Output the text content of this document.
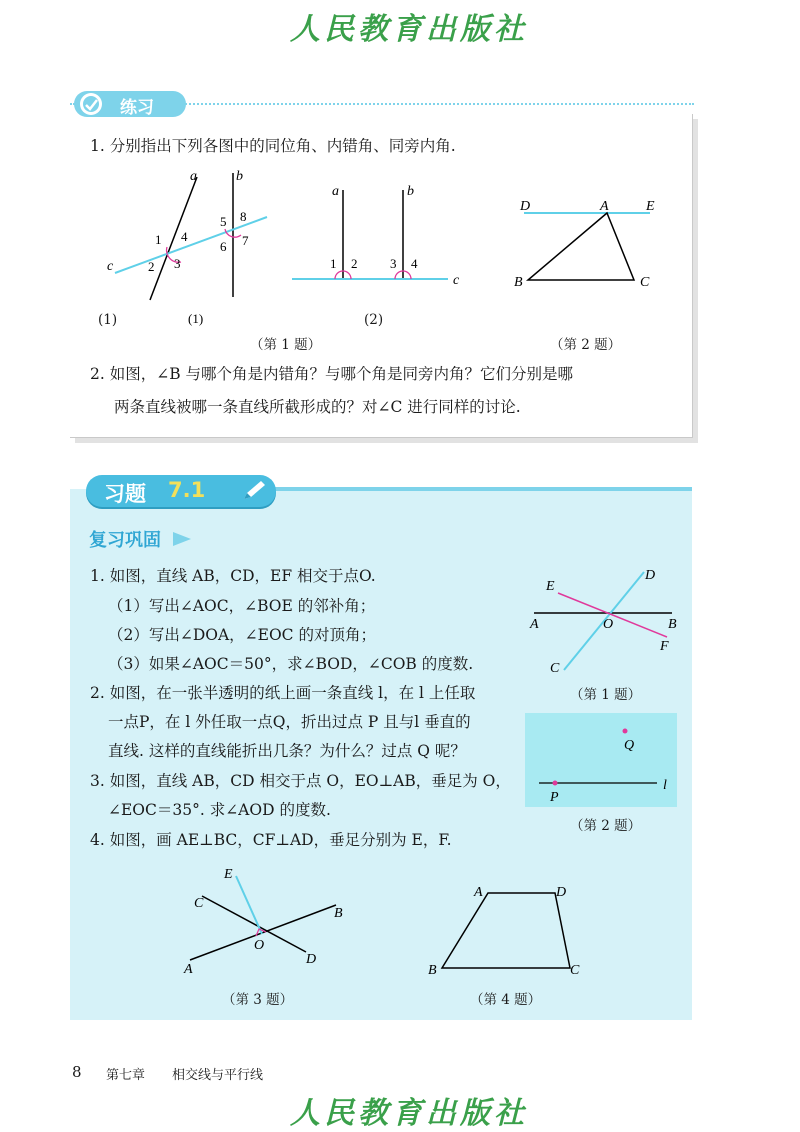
人民教育出版社
练习
1. 分别指出下列各图中的同位角、内错角、同旁内角.
a	b
c
1
2 3
4
5
6 7
8
(1)
(1)
a	b
c
1 2	3 4
(2)
（第 1 题）
D	A	E
B	C
（第 2 题）
2. 如图，∠B 与哪个角是内错角？与哪个角是同旁内角？它们分别是哪
两条直线被哪一条直线所截形成的？对∠C 进行同样的讨论.
习题 7.1
复习巩固
1. 如图，直线 AB，CD，EF 相交于点O.
（1）写出∠AOC，∠BOE 的邻补角；
（2）写出∠DOA，∠EOC 的对顶角；
（3）如果∠AOC＝50°，求∠BOD，∠COB 的度数.
2. 如图，在一张半透明的纸上画一条直线 l，在 l 上任取
一点P，在 l 外任取一点Q，折出过点 P 且与l 垂直的
直线. 这样的直线能折出几条？为什么？过点 Q 呢？
3. 如图，直线 AB，CD 相交于点 O，EO⊥AB，垂足为 O，
∠EOC＝35°. 求∠AOD 的度数.
4. 如图，画 AE⊥BC，CF⊥AD，垂足分别为 E，F.
E
D
A	O	B
F
C
（第 1 题）
Q
P
l
（第 2 题）
E
C
B
O
D
A
（第 3 题）
A	D
B	C
（第 4 题）
8 第七章 相交线与平行线
人民教育出版社
